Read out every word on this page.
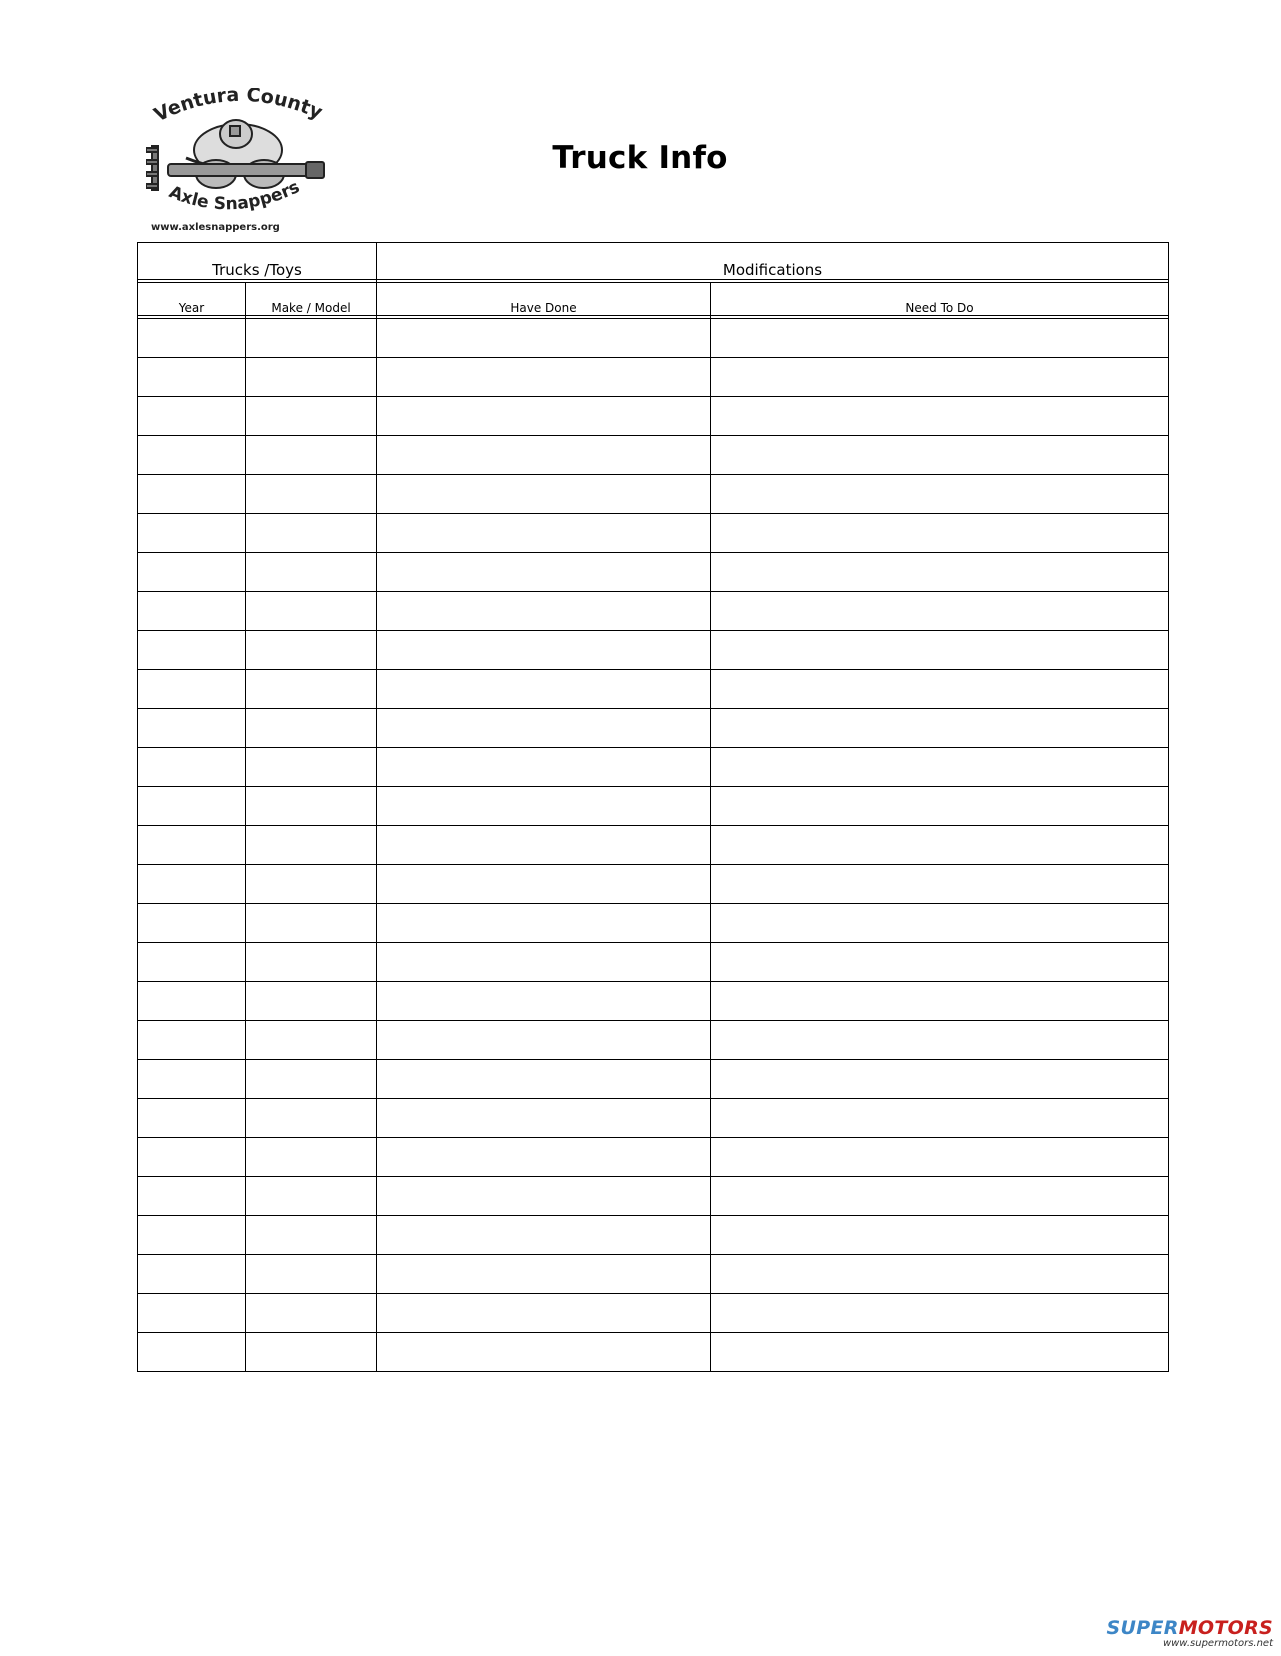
Ventura County
Axle Snappers
www.axlesnappers.org
Truck Info
Trucks /Toys		Modifications	

Year	Make / Model	Have Done	Need To Do

SUPERMOTORS
www.supermotors.net
